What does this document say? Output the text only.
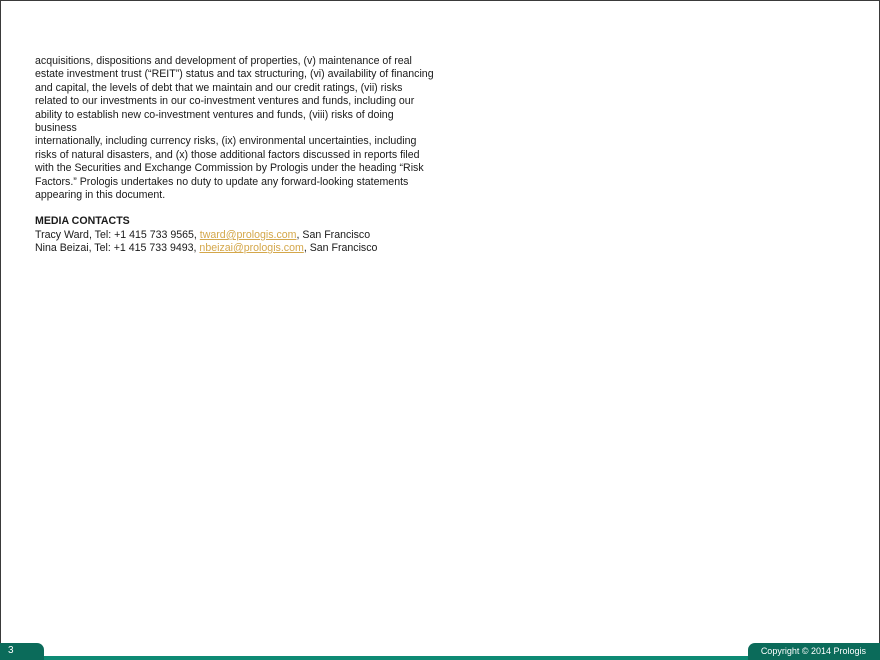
acquisitions, dispositions and development of properties, (v) maintenance of real
estate investment trust (“REIT”) status and tax structuring, (vi) availability of financing
and capital, the levels of debt that we maintain and our credit ratings, (vii) risks
related to our investments in our co-investment ventures and funds, including our
ability to establish new co-investment ventures and funds, (viii) risks of doing business
internationally, including currency risks, (ix) environmental uncertainties, including
risks of natural disasters, and (x) those additional factors discussed in reports filed
with the Securities and Exchange Commission by Prologis under the heading “Risk
Factors.” Prologis undertakes no duty to update any forward-looking statements
appearing in this document.

MEDIA CONTACTS

Tracy Ward, Tel: +1 415 733 9565, tward@prologis.com, San Francisco

Nina Beizai, Tel: +1 415 733 9493, nbeizai@prologis.com, San Francisco

3	Copyright © 2014 Prologis
